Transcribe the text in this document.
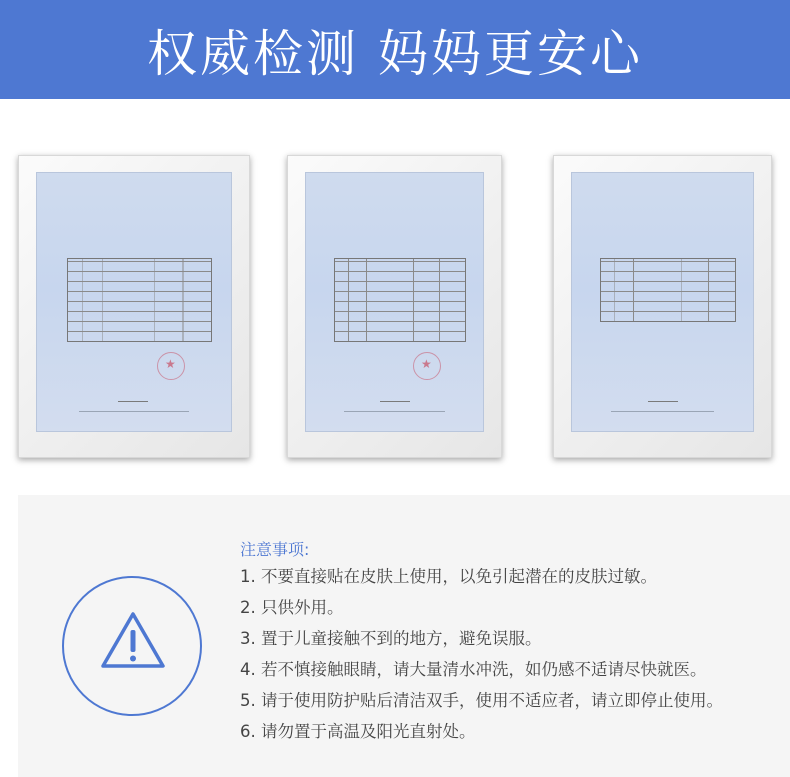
权威检测 妈妈更安心
★
★
注意事项:
1. 不要直接贴在皮肤上使用，以免引起潜在的皮肤过敏。
2. 只供外用。
3. 置于儿童接触不到的地方，避免误服。
4. 若不慎接触眼睛，请大量清水冲洗，如仍感不适请尽快就医。
5. 请于使用防护贴后清洁双手，使用不适应者，请立即停止使用。
6. 请勿置于高温及阳光直射处。
